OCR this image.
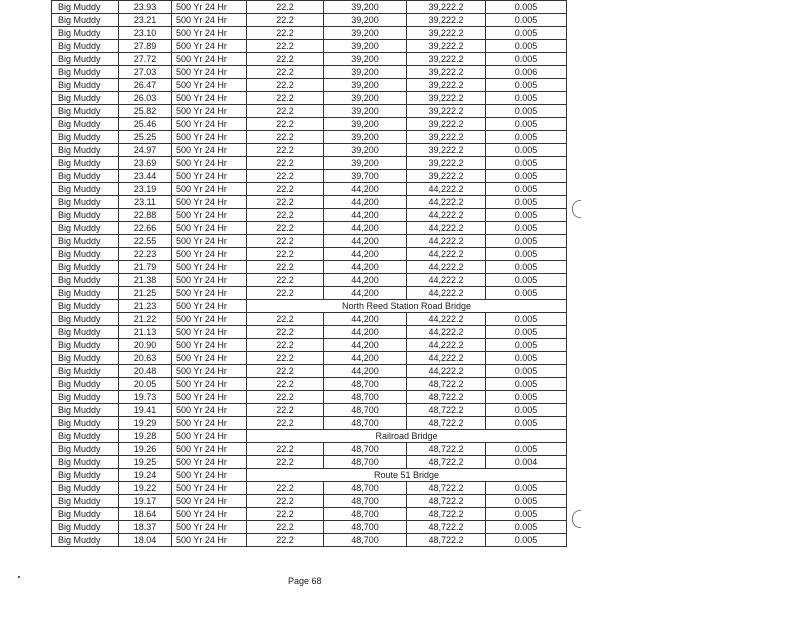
Big Muddy	23.93	500 Yr 24 Hr	22.2	39,200	39,222.2	0.005
Big Muddy	23.21	500 Yr 24 Hr	22.2	39,200	39,222.2	0.005
Big Muddy	23.10	500 Yr 24 Hr	22.2	39,200	39,222.2	0.005
Big Muddy	27.89	500 Yr 24 Hr	22.2	39,200	39,222.2	0.005
Big Muddy	27.72	500 Yr 24 Hr	22.2	39,200	39,222.2	0.005
Big Muddy	27.03	500 Yr 24 Hr	22.2	39,200	39,222.2	0.006
Big Muddy	26.47	500 Yr 24 Hr	22.2	39,200	39,222.2	0.005
Big Muddy	26.03	500 Yr 24 Hr	22.2	39,200	39,222.2	0.005
Big Muddy	25.82	500 Yr 24 Hr	22.2	39,200	39,222.2	0.005
Big Muddy	25.46	500 Yr 24 Hr	22.2	39,200	39,222.2	0.005
Big Muddy	25.25	500 Yr 24 Hr	22.2	39,200	39,222.2	0.005
Big Muddy	24.97	500 Yr 24 Hr	22.2	39,200	39,222.2	0.005
Big Muddy	23.69	500 Yr 24 Hr	22.2	39,200	39,222.2	0.005
Big Muddy	23.44	500 Yr 24 Hr	22.2	39,700	39,222.2	0.005
Big Muddy	23.19	500 Yr 24 Hr	22.2	44,200	44,222.2	0.005
Big Muddy	23.11	500 Yr 24 Hr	22.2	44,200	44,222.2	0.005
Big Muddy	22.88	500 Yr 24 Hr	22.2	44,200	44,222.2	0.005
Big Muddy	22.66	500 Yr 24 Hr	22.2	44,200	44,222.2	0.005
Big Muddy	22.55	500 Yr 24 Hr	22.2	44,200	44,222.2	0.005
Big Muddy	22.23	500 Yr 24 Hr	22.2	44,200	44,222.2	0.005
Big Muddy	21.79	500 Yr 24 Hr	22.2	44,200	44,222.2	0.005
Big Muddy	21.38	500 Yr 24 Hr	22.2	44,200	44,222.2	0.005
Big Muddy	21.25	500 Yr 24 Hr	22.2	44,200	44,222.2	0.005
Big Muddy	21.23	500 Yr 24 Hr	North Reed Station Road Bridge			
Big Muddy	21.22	500 Yr 24 Hr	22.2	44,200	44,222.2	0.005
Big Muddy	21.13	500 Yr 24 Hr	22.2	44,200	44,222.2	0.005
Big Muddy	20.90	500 Yr 24 Hr	22.2	44,200	44,222.2	0.005
Big Muddy	20.63	500 Yr 24 Hr	22.2	44,200	44,222.2	0.005
Big Muddy	20.48	500 Yr 24 Hr	22.2	44,200	44,222.2	0.005
Big Muddy	20.05	500 Yr 24 Hr	22.2	48,700	48,722.2	0.005
Big Muddy	19.73	500 Yr 24 Hr	22.2	48,700	48,722.2	0.005
Big Muddy	19.41	500 Yr 24 Hr	22.2	48,700	48,722.2	0.005
Big Muddy	19.29	500 Yr 24 Hr	22.2	48,700	48,722.2	0.005
Big Muddy	19.28	500 Yr 24 Hr	Railroad Bridge			
Big Muddy	19.26	500 Yr 24 Hr	22.2	48,700	48,722.2	0.005
Big Muddy	19.25	500 Yr 24 Hr	22.2	48,700	48,722.2	0.004
Big Muddy	19.24	500 Yr 24 Hr	Route 51 Bridge			
Big Muddy	19.22	500 Yr 24 Hr	22.2	48,700	48,722.2	0.005
Big Muddy	19.17	500 Yr 24 Hr	22.2	48,700	48,722.2	0.005
Big Muddy	18.64	500 Yr 24 Hr	22.2	48,700	48,722.2	0.005
Big Muddy	18.37	500 Yr 24 Hr	22.2	48,700	48,722.2	0.005
Big Muddy	18.04	500 Yr 24 Hr	22.2	48,700	48,722.2	0.005
Page 68
